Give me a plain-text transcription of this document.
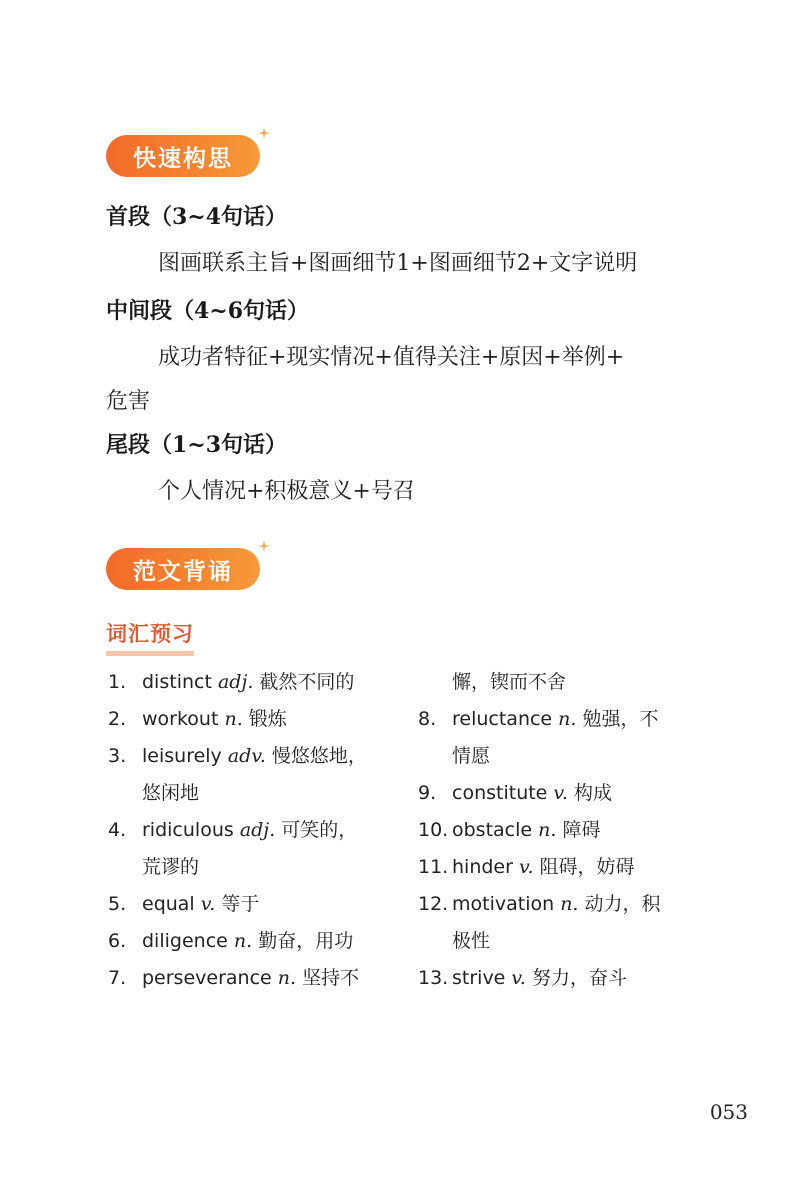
快速构思
首段（3~4句话）
图画联系主旨+图画细节1+图画细节2+文字说明
中间段（4~6句话）
成功者特征+现实情况+值得关注+原因+举例+
危害
尾段（1~3句话）
个人情况+积极意义+号召
范文背诵
词汇预习
1. distinct adj. 截然不同的
2. workout n. 锻炼
3. leisurely adv. 慢悠悠地，
悠闲地
4. ridiculous adj. 可笑的，
荒谬的
5. equal v. 等于
6. diligence n. 勤奋，用功
7. perseverance n. 坚持不
懈，锲而不舍
8. reluctance n. 勉强，不
情愿
9. constitute v. 构成
10. obstacle n. 障碍
11. hinder v. 阻碍，妨碍
12. motivation n. 动力，积
极性
13. strive v. 努力，奋斗
053
